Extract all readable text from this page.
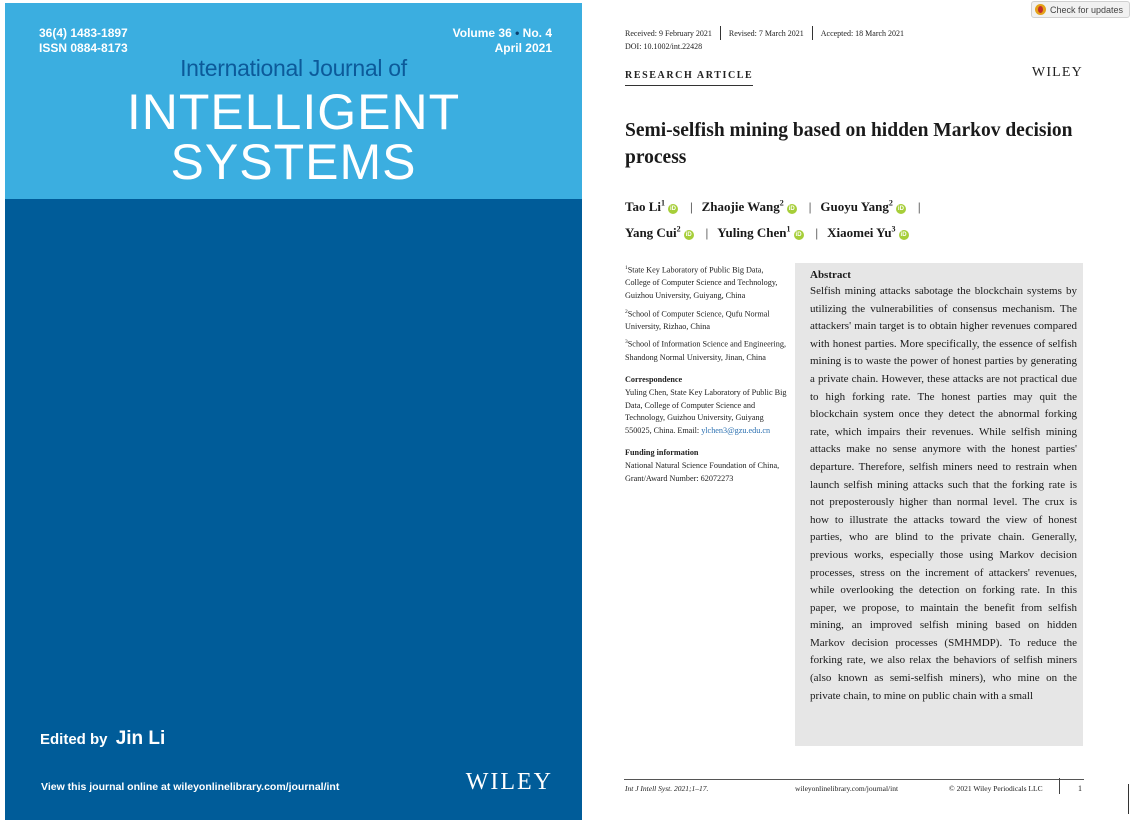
36(4) 1483-1897
ISSN 0884-8173
Volume 36 • No. 4
April 2021
International Journal of
INTELLIGENT
SYSTEMS
Edited by Jin Li
View this journal online at wileyonlinelibrary.com/journal/int	WILEY
Check for updates
Received: 9 February 2021 Revised: 7 March 2021 Accepted: 18 March 2021
DOI: 10.1002/int.22428
RESEARCH ARTICLE	WILEY
Semi-selfish mining based on hidden Markov decision process
Tao Li$^1$iD | Zhaojie Wang$^2$iD | Guoyu Yang$^2$iD |
Yang Cui$^2$iD | Yuling Chen$^1$iD | Xiaomei Yu$^3$iD
$^1$State Key Laboratory of Public Big Data, College of Computer Science and Technology, Guizhou University, Guiyang, China
$^2$School of Computer Science, Qufu Normal University, Rizhao, China
$^3$School of Information Science and Engineering, Shandong Normal University, Jinan, China
Correspondence
Yuling Chen, State Key Laboratory of Public Big Data, College of Computer Science and Technology, Guizhou University, Guiyang 550025, China. Email: ylchen3@gzu.edu.cn
Funding information
National Natural Science Foundation of China, Grant/Award Number: 62072273
Abstract
Selfish mining attacks sabotage the blockchain systems by utilizing the vulnerabilities of consensus mechanism. The attackers' main target is to obtain higher revenues compared with honest parties. More specifically, the essence of selfish mining is to waste the power of honest parties by generating a private chain. However, these attacks are not practical due to high forking rate. The honest parties may quit the blockchain system once they detect the abnormal forking rate, which impairs their revenues. While selfish mining attacks make no sense anymore with the honest parties' departure. Therefore, selfish miners need to restrain when launch selfish mining attacks such that the forking rate is not preposterously higher than normal level. The crux is how to illustrate the attacks toward the view of honest parties, who are blind to the private chain. Generally, previous works, especially those using Markov decision processes, stress on the increment of attackers' revenues, while overlooking the detection on forking rate. In this paper, we propose, to maintain the benefit from selfish mining, an improved selfish mining based on hidden Markov decision processes (SMHMDP). To reduce the forking rate, we also relax the behaviors of selfish miners (also known as semi-selfish miners), who mine on the private chain, to mine on public chain with a small
Int J Intell Syst. 2021;1–17.	wileyonlinelibrary.com/journal/int	© 2021 Wiley Periodicals LLC	1
